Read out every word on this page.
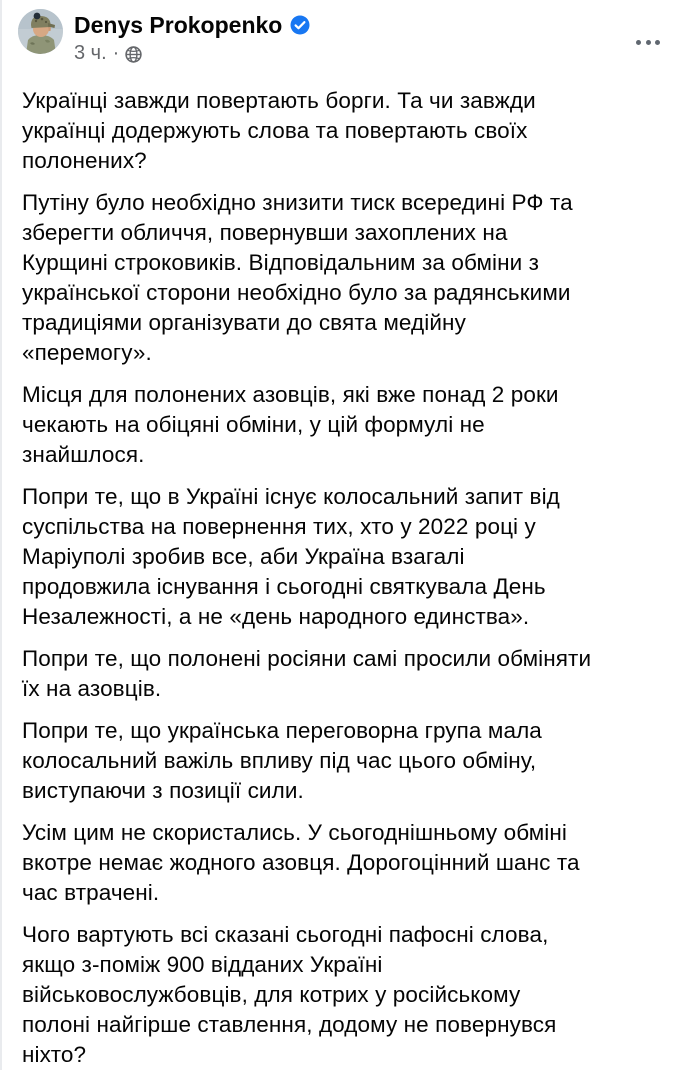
Denys Prokopenko
3 ч. ·
Українці завжди повертають борги. Та чи завжди
українці додержують слова та повертають своїх
полонених?
Путіну було необхідно знизити тиск всередині РФ та
зберегти обличчя, повернувши захоплених на
Курщині строковиків. Відповідальним за обміни з
української сторони необхідно було за радянськими
традиціями організувати до свята медійну
«перемогу».
Місця для полонених азовців, які вже понад 2 роки
чекають на обіцяні обміни, у цій формулі не
знайшлося.
Попри те, що в Україні існує колосальний запит від
суспільства на повернення тих, хто у 2022 році у
Маріуполі зробив все, аби Україна взагалі
продовжила існування і сьогодні святкувала День
Незалежності, а не «день народного единства».
Попри те, що полонені росіяни самі просили обміняти
їх на азовців.
Попри те, що українська переговорна група мала
колосальний важіль впливу під час цього обміну,
виступаючи з позиції сили.
Усім цим не скористались. У сьогоднішньому обміні
вкотре немає жодного азовця. Дорогоцінний шанс та
час втрачені.
Чого вартують всі сказані сьогодні пафосні слова,
якщо з-поміж 900 відданих Україні
військовослужбовців, для котрих у російському
полоні найгірше ставлення, додому не повернувся
ніхто?
